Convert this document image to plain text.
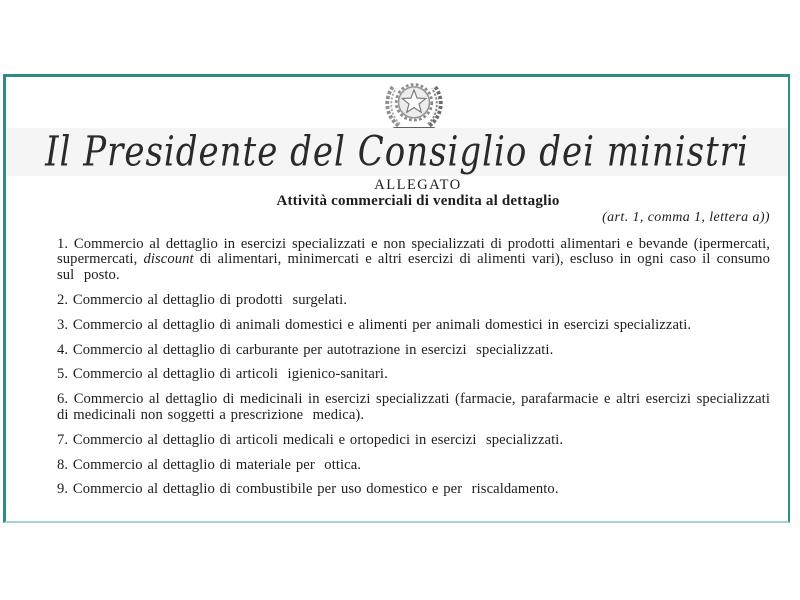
Il Presidente del Consiglio dei ministri
ALLEGATO
Attività commerciali di vendita al dettaglio
(art. 1, comma 1, lettera a))

1. Commercio al dettaglio in esercizi specializzati e non specializzati di prodotti alimentari e bevande (ipermercati, supermercati, discount di alimentari, minimercati e altri esercizi di alimenti vari), escluso in ogni caso il consumo sul  posto.

2. Commercio al dettaglio di prodotti  surgelati.

3. Commercio al dettaglio di animali domestici e alimenti per animali domestici in esercizi specializzati.

4. Commercio al dettaglio di carburante per autotrazione in esercizi  specializzati.

5. Commercio al dettaglio di articoli  igienico-sanitari.

6. Commercio al dettaglio di medicinali in esercizi specializzati (farmacie, parafarmacie e altri esercizi specializzati di medicinali non soggetti a prescrizione  medica).

7. Commercio al dettaglio di articoli medicali e ortopedici in esercizi  specializzati.

8. Commercio al dettaglio di materiale per  ottica.

9. Commercio al dettaglio di combustibile per uso domestico e per  riscaldamento.
